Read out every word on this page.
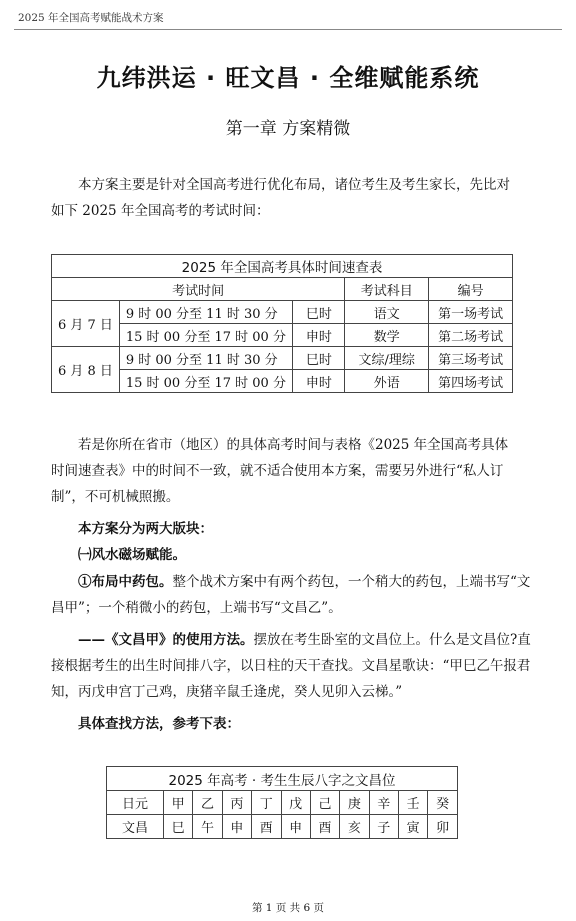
2025 年全国高考赋能战术方案
九纬洪运 · 旺文昌 · 全维赋能系统
第一章 方案精微

本方案主要是针对全国高考进行优化布局，诸位考生及考生家长，先比对如下 2025 年全国高考的考试时间：

2025 年全国高考具体时间速查表				
考试时间			考试科目	编号
6 月 7 日	9 时 00 分至 11 时 30 分	巳时	语文	第一场考试
	15 时 00 分至 17 时 00 分	申时	数学	第二场考试
6 月 8 日	9 时 00 分至 11 时 30 分	巳时	文综/理综	第三场考试
	15 时 00 分至 17 时 00 分	申时	外语	第四场考试

若是你所在省市（地区）的具体高考时间与表格《2025 年全国高考具体时间速查表》中的时间不一致，就不适合使用本方案，需要另外进行“私人订制”，不可机械照搬。

本方案分为两大版块：

㈠风水磁场赋能。

①布局中药包。整个战术方案中有两个药包，一个稍大的药包，上端书写“文昌甲”；一个稍微小的药包，上端书写“文昌乙”。

——《文昌甲》的使用方法。摆放在考生卧室的文昌位上。什么是文昌位?直接根据考生的出生时间排八字，以日柱的天干查找。文昌星歌诀：“甲巳乙午报君知，丙戊申宫丁己鸡，庚猪辛鼠壬逢虎，癸人见卯入云梯。”

具体查找方法，参考下表：

2025 年高考 · 考生生辰八字之文昌位										
日元	甲	乙	丙	丁	戊	己	庚	辛	壬	癸
文昌	巳	午	申	酉	申	酉	亥	子	寅	卯
第 1 页 共 6 页
